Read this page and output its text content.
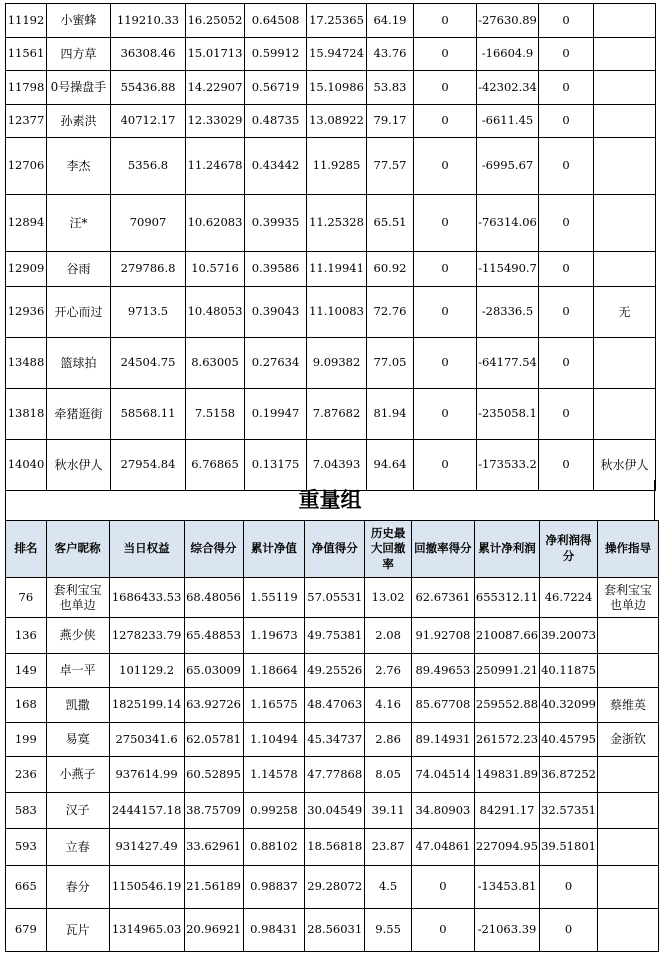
11192	小蜜蜂	119210.33	16.25052	0.64508	17.25365	64.19	0	-27630.89	0	
11561	四方草	36308.46	15.01713	0.59912	15.94724	43.76	0	-16604.9	0	
11798	0号操盘手	55436.88	14.22907	0.56719	15.10986	53.83	0	-42302.34	0	
12377	孙素洪	40712.17	12.33029	0.48735	13.08922	79.17	0	-6611.45	0	
12706	李杰	5356.8	11.24678	0.43442	11.9285	77.57	0	-6995.67	0	
12894	汪*	70907	10.62083	0.39935	11.25328	65.51	0	-76314.06	0	
12909	谷雨	279786.8	10.5716	0.39586	11.19941	60.92	0	-115490.7	0	
12936	开心而过	9713.5	10.48053	0.39043	11.10083	72.76	0	-28336.5	0	无
13488	篮球拍	24504.75	8.63005	0.27634	9.09382	77.05	0	-64177.54	0	
13818	牵猪逛街	58568.11	7.5158	0.19947	7.87682	81.94	0	-235058.1	0	
14040	秋水伊人	27954.84	6.76865	0.13175	7.04393	94.64	0	-173533.2	0	秋水伊人
重量组
排名	客户昵称	当日权益	综合得分	累计净值	净值得分	历史最大回撤率	回撤率得分	累计净利润	净利润得分	操作指导
76	套利宝宝也单边	1686433.53	68.48056	1.55119	57.05531	13.02	62.67361	655312.11	46.7224	套利宝宝也单边
136	燕少侠	1278233.79	65.48853	1.19673	49.75381	2.08	91.92708	210087.66	39.20073	
149	卓一平	101129.2	65.03009	1.18664	49.25526	2.76	89.49653	250991.21	40.11875	
168	凯撒	1825199.14	63.92726	1.16575	48.47063	4.16	85.67708	259552.88	40.32099	蔡维英
199	易寞	2750341.6	62.05781	1.10494	45.34737	2.86	89.14931	261572.23	40.45795	金浙钦
236	小燕子	937614.99	60.52895	1.14578	47.77868	8.05	74.04514	149831.89	36.87252	
583	汉子	2444157.18	38.75709	0.99258	30.04549	39.11	34.80903	84291.17	32.57351	
593	立春	931427.49	33.62961	0.88102	18.56818	23.87	47.04861	227094.95	39.51801	
665	春分	1150546.19	21.56189	0.98837	29.28072	4.5	0	-13453.81	0	
679	瓦片	1314965.03	20.96921	0.98431	28.56031	9.55	0	-21063.39	0	
